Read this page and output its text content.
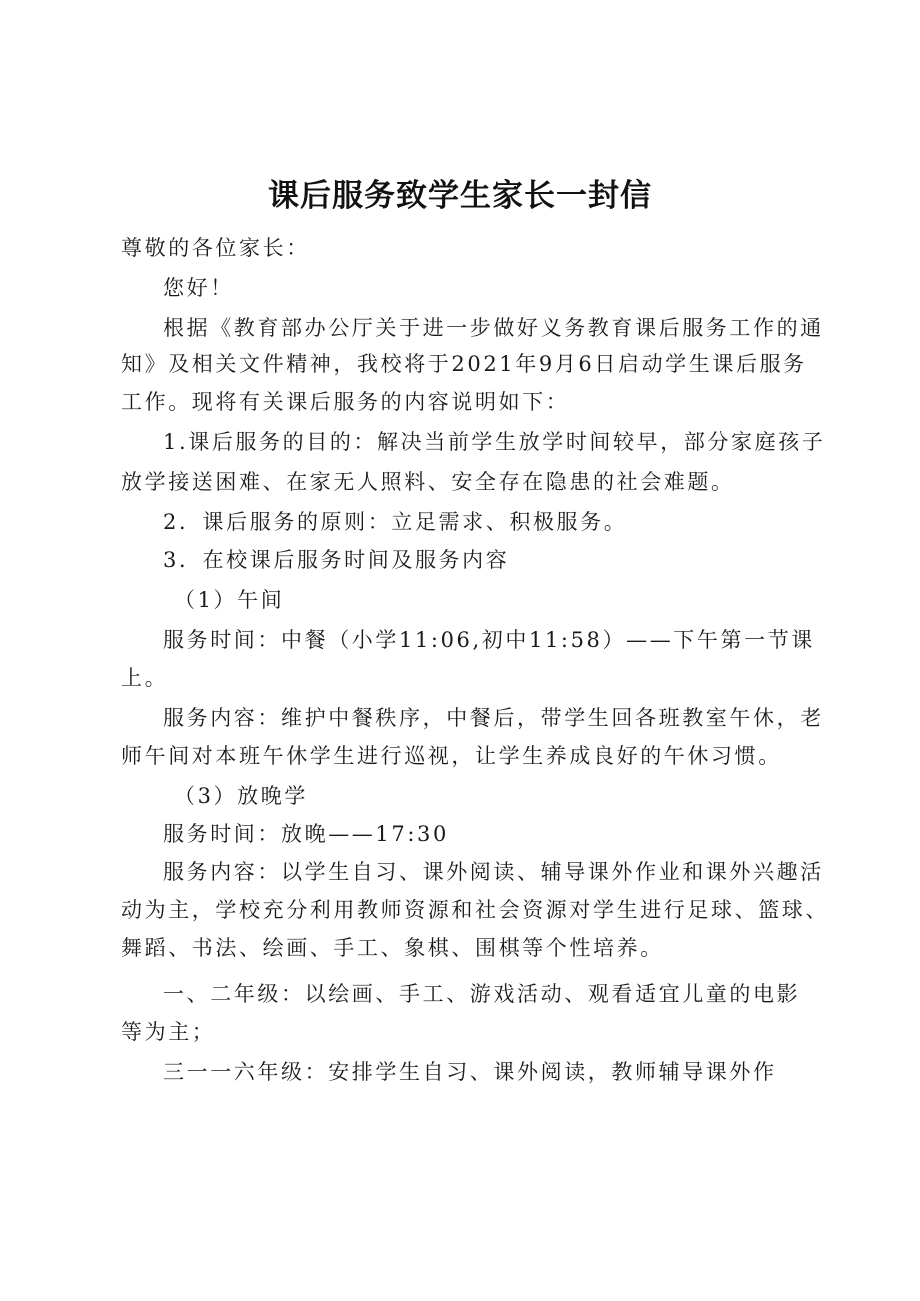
课后服务致学生家长一封信
尊敬的各位家长：
您好！
根据《教育部办公厅关于进一步做好义务教育课后服务工作的通
知》及相关文件精神，我校将于2021年9月6日启动学生课后服务
工作。现将有关课后服务的内容说明如下：
1.课后服务的目的：解决当前学生放学时间较早，部分家庭孩子
放学接送困难、在家无人照料、安全存在隐患的社会难题。
2．课后服务的原则：立足需求、积极服务。
3．在校课后服务时间及服务内容
（1）午间
服务时间：中餐（小学11:06,初中11:58）——下午第一节课
上。
服务内容：维护中餐秩序，中餐后，带学生回各班教室午休，老
师午间对本班午休学生进行巡视，让学生养成良好的午休习惯。
（3）放晚学
服务时间：放晚——17:30
服务内容：以学生自习、课外阅读、辅导课外作业和课外兴趣活
动为主，学校充分利用教师资源和社会资源对学生进行足球、篮球、
舞蹈、书法、绘画、手工、象棋、围棋等个性培养。
一、二年级：以绘画、手工、游戏活动、观看适宜儿童的电影
等为主；
三一一六年级：安排学生自习、课外阅读，教师辅导课外作
